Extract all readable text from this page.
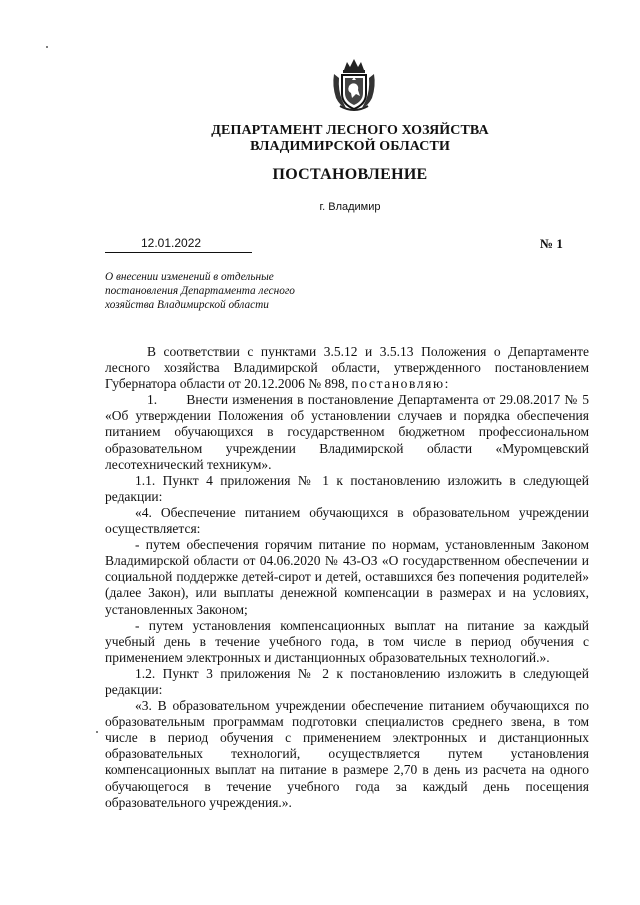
ДЕПАРТАМЕНТ ЛЕСНОГО ХОЗЯЙСТВА
ВЛАДИМИРСКОЙ ОБЛАСТИ
ПОСТАНОВЛЕНИЕ
г. Владимир
12.01.2022	№ 1
О внесении изменений в отдельные
постановления Департамента лесного
хозяйства Владимирской области

В соответствии с пунктами 3.5.12 и 3.5.13 Положения о Департаменте лесного хозяйства Владимирской области, утвержденного постановлением Губернатора области от 20.12.2006 № 898, постановляю:

1. Внести изменения в постановление Департамента от 29.08.2017 № 5 «Об утверждении Положения об установлении случаев и порядка обеспечения питанием обучающихся в государственном бюджетном профессиональном образовательном учреждении Владимирской области «Муромцевский лесотехнический техникум».

1.1. Пункт 4 приложения № 1 к постановлению изложить в следующей редакции:

«4. Обеспечение питанием обучающихся в образовательном учреждении осуществляется:

- путем обеспечения горячим питание по нормам, установленным Законом Владимирской области от 04.06.2020 № 43-ОЗ «О государственном обеспечении и социальной поддержке детей-сирот и детей, оставшихся без попечения родителей» (далее Закон), или выплаты денежной компенсации в размерах и на условиях, установленных Законом;

- путем установления компенсационных выплат на питание за каждый учебный день в течение учебного года, в том числе в период обучения с применением электронных и дистанционных образовательных технологий.».

1.2. Пункт 3 приложения № 2 к постановлению изложить в следующей редакции:

«3. В образовательном учреждении обеспечение питанием обучающихся по образовательным программам подготовки специалистов среднего звена, в том числе в период обучения с применением электронных и дистанционных образовательных технологий, осуществляется путем установления компенсационных выплат на питание в размере 2,70 в день из расчета на одного обучающегося в течение учебного года за каждый день посещения образовательного учреждения.».
